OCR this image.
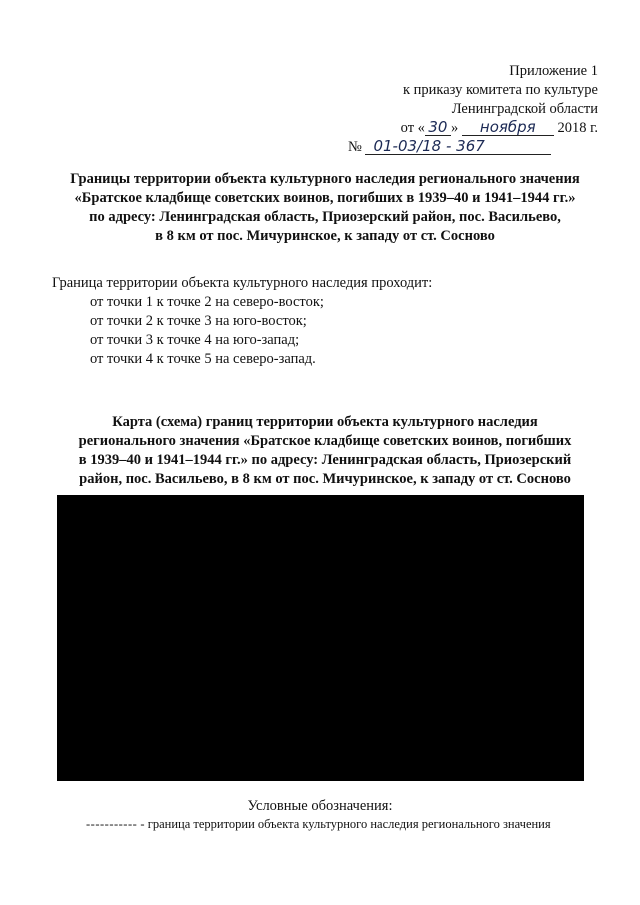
Приложение 1
к приказу комитета по культуре
Ленинградской области
от « 30 » ноября 2018 г.
№ 01-03/18 - 367
Границы территории объекта культурного наследия регионального значения
«Братское кладбище советских воинов, погибших в 1939–40 и 1941–1944 гг.»
по адресу: Ленинградская область, Приозерский район, пос. Васильево,
в 8 км от пос. Мичуринское, к западу от ст. Сосново
Граница территории объекта культурного наследия проходит:
от точки 1 к точке 2 на северо-восток;
от точки 2 к точке 3 на юго-восток;
от точки 3 к точке 4 на юго-запад;
от точки 4 к точке 5 на северо-запад.
Карта (схема) границ территории объекта культурного наследия
регионального значения «Братское кладбище советских воинов, погибших
в 1939–40 и 1941–1944 гг.» по адресу: Ленинградская область, Приозерский
район, пос. Васильево, в 8 км от пос. Мичуринское, к западу от ст. Сосново
Условные обозначения:
----------- - граница территории объекта культурного наследия регионального значения
